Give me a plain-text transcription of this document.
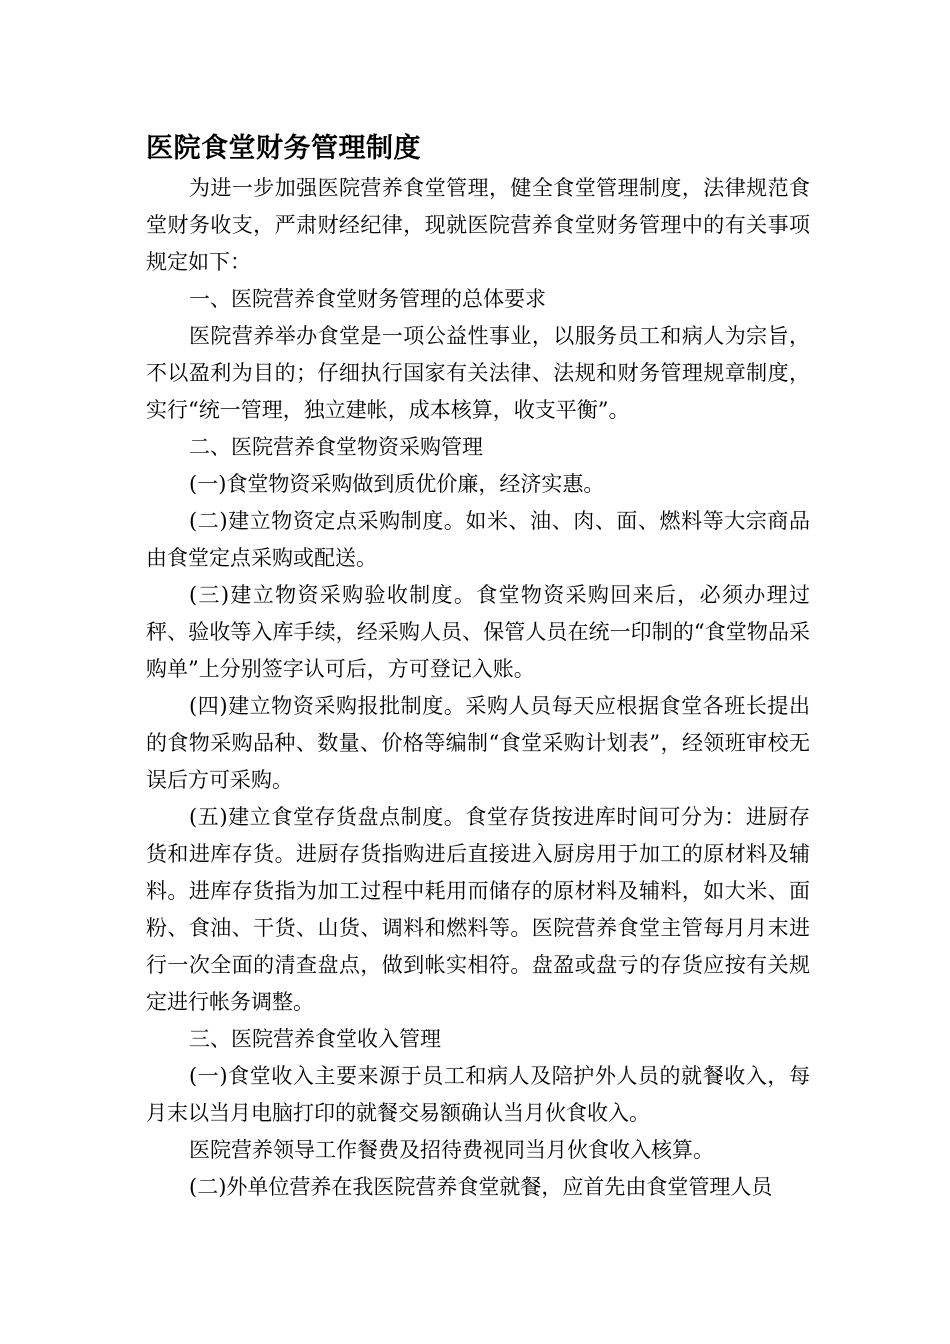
医院食堂财务管理制度

为进一步加强医院营养食堂管理，健全食堂管理制度，法律规范食堂财务收支，严肃财经纪律，现就医院营养食堂财务管理中的有关事项规定如下：

一、医院营养食堂财务管理的总体要求

医院营养举办食堂是一项公益性事业，以服务员工和病人为宗旨，不以盈利为目的；仔细执行国家有关法律、法规和财务管理规章制度，实行“统一管理，独立建帐，成本核算，收支平衡”。

二、医院营养食堂物资采购管理

(一)食堂物资采购做到质优价廉，经济实惠。

(二)建立物资定点采购制度。如米、油、肉、面、燃料等大宗商品由食堂定点采购或配送。

(三)建立物资采购验收制度。食堂物资采购回来后，必须办理过秤、验收等入库手续，经采购人员、保管人员在统一印制的“食堂物品采购单”上分别签字认可后，方可登记入账。

(四)建立物资采购报批制度。采购人员每天应根据食堂各班长提出的食物采购品种、数量、价格等编制“食堂采购计划表”，经领班审校无误后方可采购。

(五)建立食堂存货盘点制度。食堂存货按进库时间可分为：进厨存货和进库存货。进厨存货指购进后直接进入厨房用于加工的原材料及辅料。进库存货指为加工过程中耗用而储存的原材料及辅料，如大米、面粉、食油、干货、山货、调料和燃料等。医院营养食堂主管每月月末进行一次全面的清查盘点，做到帐实相符。盘盈或盘亏的存货应按有关规定进行帐务调整。

三、医院营养食堂收入管理

(一)食堂收入主要来源于员工和病人及陪护外人员的就餐收入，每月末以当月电脑打印的就餐交易额确认当月伙食收入。

医院营养领导工作餐费及招待费视同当月伙食收入核算。

(二)外单位营养在我医院营养食堂就餐，应首先由食堂管理人员
